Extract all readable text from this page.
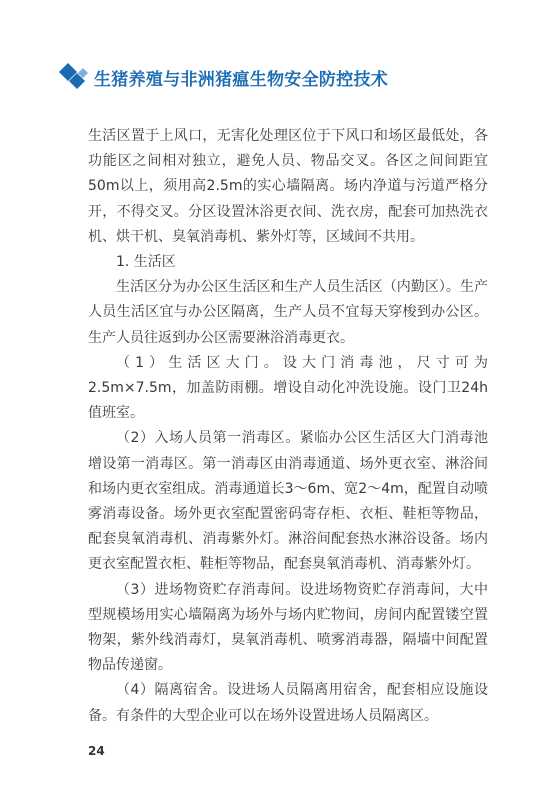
生猪养殖与非洲猪瘟生物安全防控技术

生活区置于上风口，无害化处理区位于下风口和场区最低处，各功能区之间相对独立，避免人员、物品交叉。各区之间间距宜50m以上，须用高2.5m的实心墙隔离。场内净道与污道严格分开，不得交叉。分区设置沐浴更衣间、洗衣房，配套可加热洗衣机、烘干机、臭氧消毒机、紫外灯等，区域间不共用。

1. 生活区

生活区分为办公区生活区和生产人员生活区（内勤区）。生产人员生活区宜与办公区隔离，生产人员不宜每天穿梭到办公区。生产人员往返到办公区需要淋浴消毒更衣。

（1）生活区大门。设大门消毒池，尺寸可为2.5m×7.5m，加盖防雨棚。增设自动化冲洗设施。设门卫24h值班室。

（2）入场人员第一消毒区。紧临办公区生活区大门消毒池增设第一消毒区。第一消毒区由消毒通道、场外更衣室、淋浴间和场内更衣室组成。消毒通道长3～6m、宽2～4m，配置自动喷雾消毒设备。场外更衣室配置密码寄存柜、衣柜、鞋柜等物品，配套臭氧消毒机、消毒紫外灯。淋浴间配套热水淋浴设备。场内更衣室配置衣柜、鞋柜等物品，配套臭氧消毒机、消毒紫外灯。

（3）进场物资贮存消毒间。设进场物资贮存消毒间，大中型规模场用实心墙隔离为场外与场内贮物间，房间内配置镂空置物架，紫外线消毒灯，臭氧消毒机、喷雾消毒器，隔墙中间配置物品传递窗。

（4）隔离宿舍。设进场人员隔离用宿舍，配套相应设施设备。有条件的大型企业可以在场外设置进场人员隔离区。

24
